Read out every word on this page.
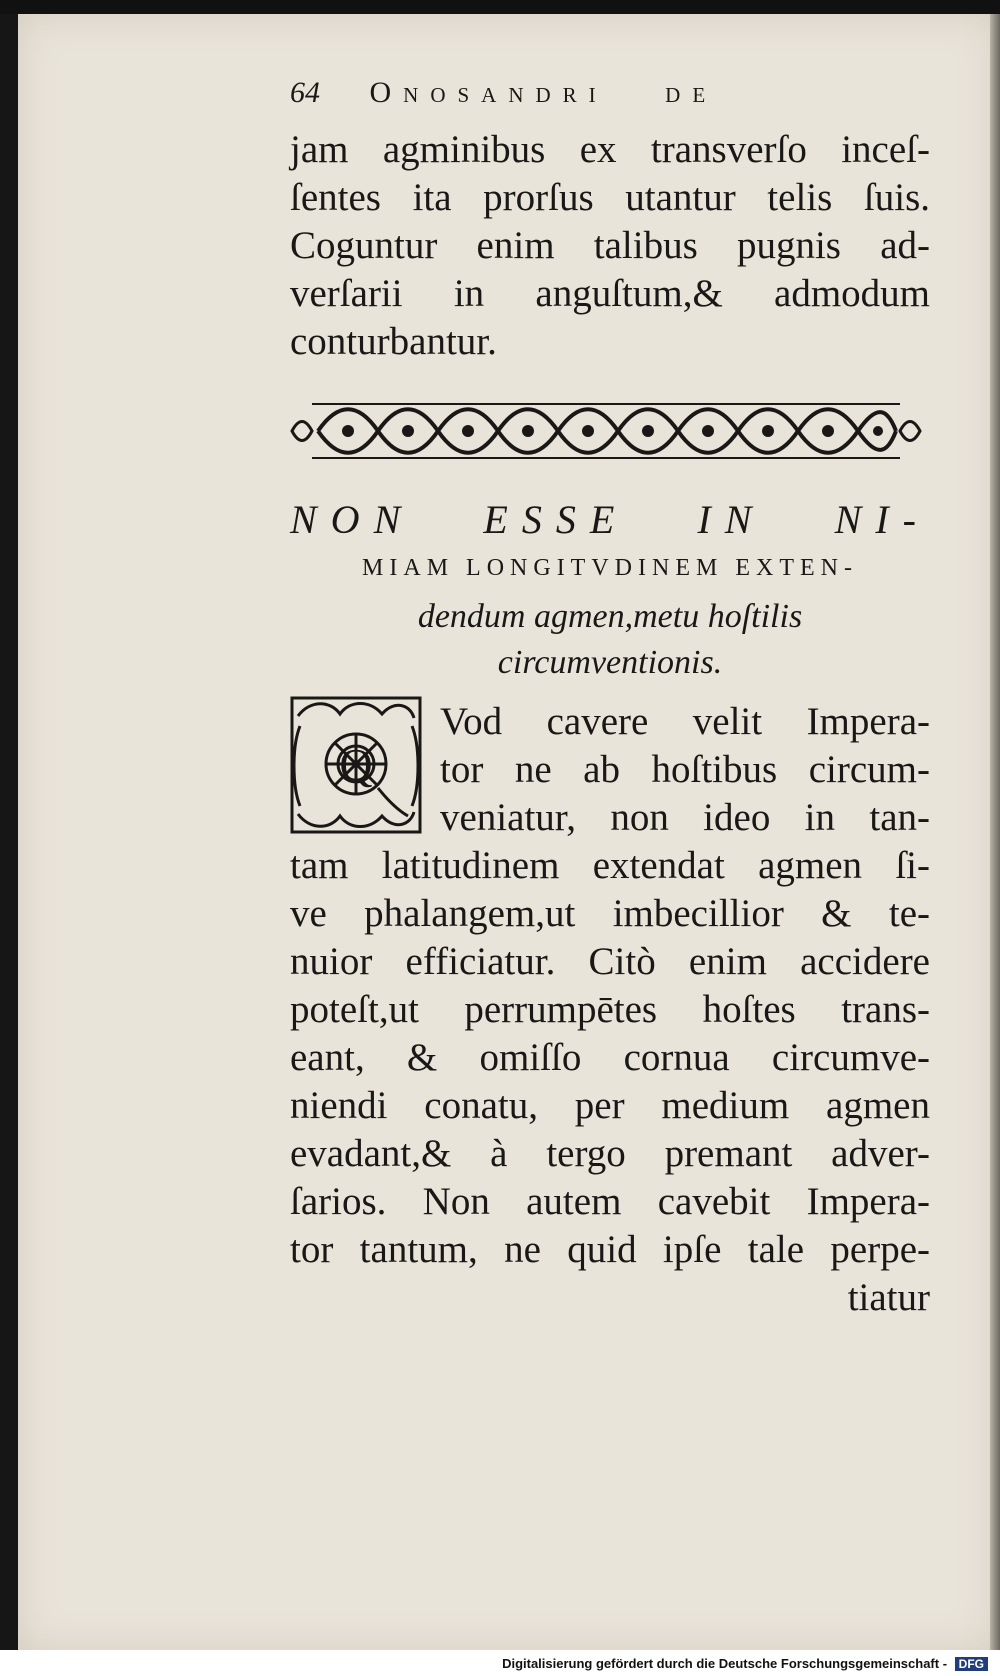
64 Onosandri de
jam agminibus ex transverſo inceſ-
ſentes ita prorſus utantur telis ſuis.
Coguntur enim talibus pugnis ad-
verſarii in anguſtum,& admodum
conturbantur.
NON ESSE IN NI-
MIAM LONGITVDINEM EXTEN-
dendum agmen,metu hoſtilis
circumventionis.
Q
Vod cavere velit Impera-
tor ne ab hoſtibus circum-
veniatur, non ideo in tan-
tam latitudinem extendat agmen ſi-
ve phalangem,ut imbecillior & te-
nuior efficiatur. Citò enim accidere
poteſt,ut perrumpētes hoſtes trans-
eant, & omiſſo cornua circumve-
niendi conatu, per medium agmen
evadant,& à tergo premant adver-
ſarios. Non autem cavebit Impera-
tor tantum, ne quid ipſe tale perpe-
tiatur
Digitalisierung gefördert durch die Deutsche Forschungsgemeinschaft - DFG
